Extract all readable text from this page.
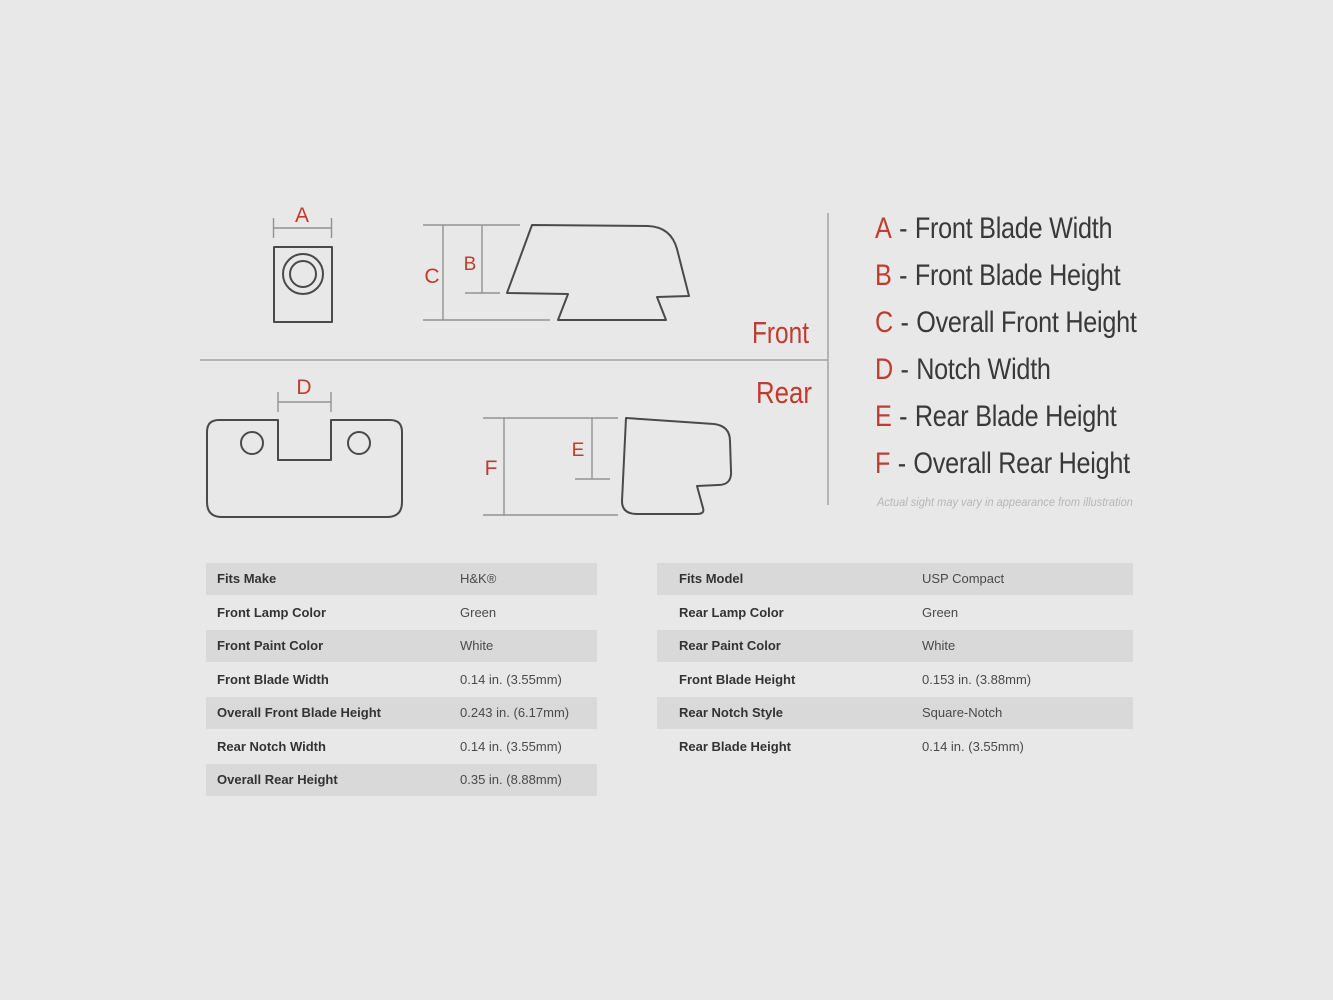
A
C
B
Front
Rear
D
F
E
A - Front Blade Width
B - Front Blade Height
C - Overall Front Height
D - Notch Width
E - Rear Blade Height
F - Overall Rear Height
Actual sight may vary in appearance from illustration
Fits Make	H&K®
Front Lamp Color	Green
Front Paint Color	White
Front Blade Width	0.14 in. (3.55mm)
Overall Front Blade Height	0.243 in. (6.17mm)
Rear Notch Width	0.14 in. (3.55mm)
Overall Rear Height	0.35 in. (8.88mm)
Fits Model	USP Compact
Rear Lamp Color	Green
Rear Paint Color	White
Front Blade Height	0.153 in. (3.88mm)
Rear Notch Style	Square-Notch
Rear Blade Height	0.14 in. (3.55mm)
